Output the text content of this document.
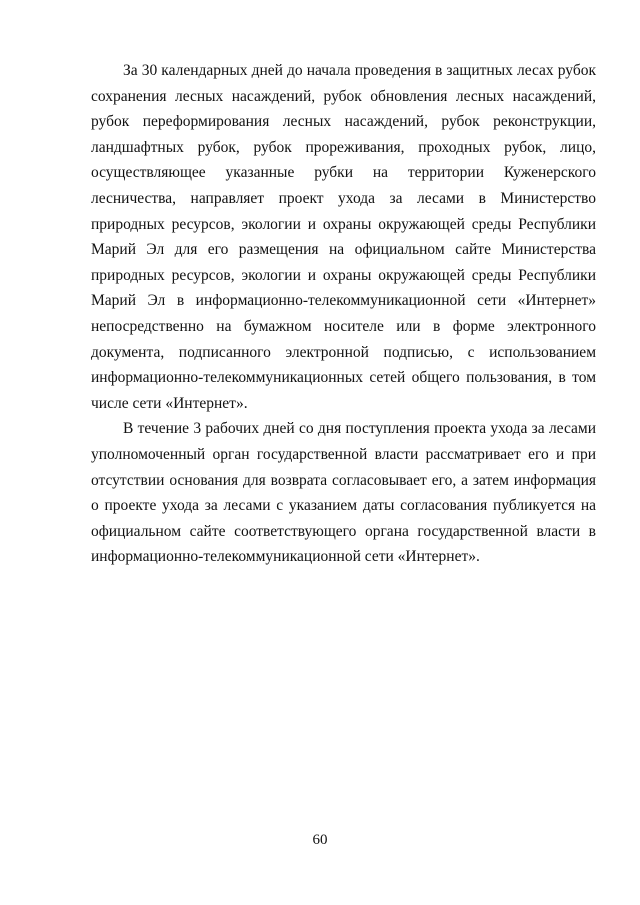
За 30 календарных дней до начала проведения в защитных лесах рубок сохранения лесных насаждений, рубок обновления лесных насаждений, рубок переформирования лесных насаждений, рубок реконструкции, ландшафтных рубок, рубок прореживания, проходных рубок, лицо, осуществляющее указанные рубки на территории Куженерского лесничества, направляет проект ухода за лесами в Министерство природных ресурсов, экологии и охраны окружающей среды Республики Марий Эл для его размещения на официальном сайте Министерства природных ресурсов, экологии и охраны окружающей среды Республики Марий Эл в информационно-телекоммуникационной сети «Интернет» непосредственно на бумажном носителе или в форме электронного документа, подписанного электронной подписью, с использованием информационно-телекоммуникационных сетей общего пользования, в том числе сети «Интернет».

В течение 3 рабочих дней со дня поступления проекта ухода за лесами уполномоченный орган государственной власти рассматривает его и при отсутствии основания для возврата согласовывает его, а затем информация о проекте ухода за лесами с указанием даты согласования публикуется на официальном сайте соответствующего органа государственной власти в информационно-телекоммуникационной сети «Интернет».

60
